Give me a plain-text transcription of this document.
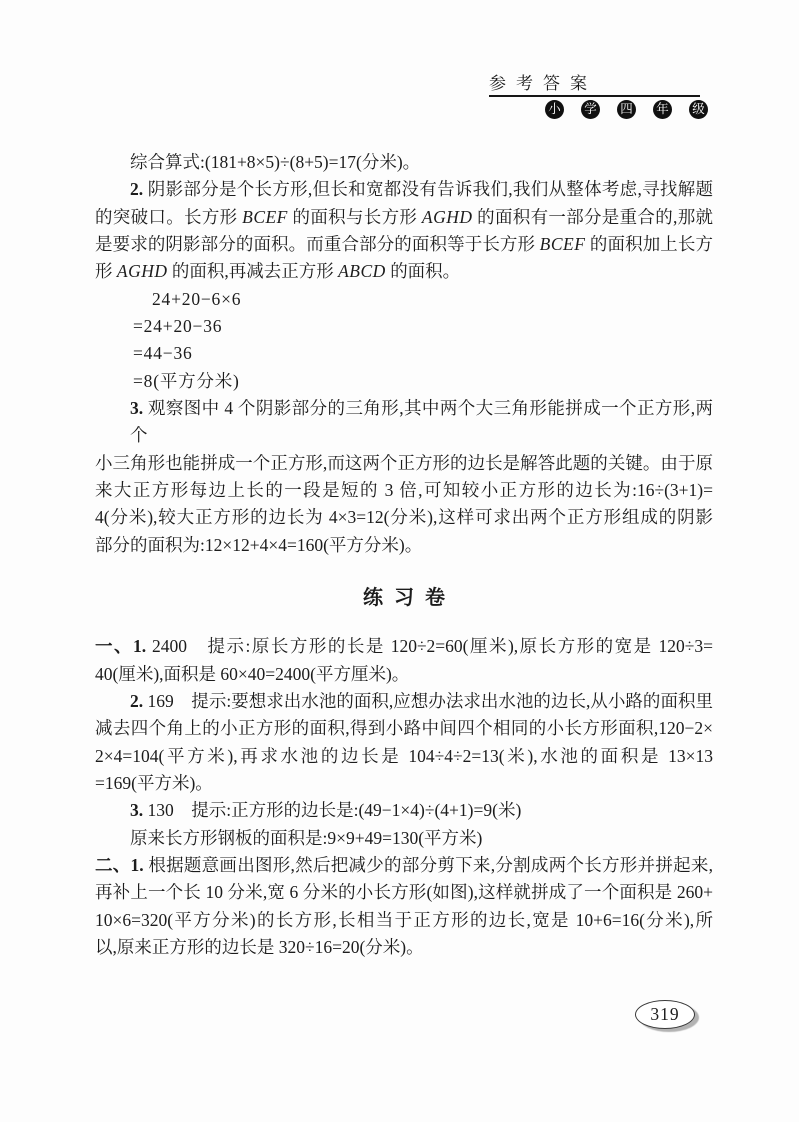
参考答案
小 学 四 年 级
综合算式:(181+8×5)÷(8+5)=17(分米)。
2. 阴影部分是个长方形,但长和宽都没有告诉我们,我们从整体考虑,寻找解题
的突破口。长方形 BCEF 的面积与长方形 AGHD 的面积有一部分是重合的,那就
是要求的阴影部分的面积。而重合部分的面积等于长方形 BCEF 的面积加上长方
形 AGHD 的面积,再减去正方形 ABCD 的面积。
24+20−6×6
=24+20−36
=44−36
=8(平方分米)
3. 观察图中 4 个阴影部分的三角形,其中两个大三角形能拼成一个正方形,两个
小三角形也能拼成一个正方形,而这两个正方形的边长是解答此题的关键。由于原
来大正方形每边上长的一段是短的 3 倍,可知较小正方形的边长为:16÷(3+1)=
4(分米),较大正方形的边长为 4×3=12(分米),这样可求出两个正方形组成的阴影
部分的面积为:12×12+4×4=160(平方分米)。
练习卷
一、1. 2400　提示:原长方形的长是 120÷2=60(厘米),原长方形的宽是 120÷3=
40(厘米),面积是 60×40=2400(平方厘米)。
2. 169　提示:要想求出水池的面积,应想办法求出水池的边长,从小路的面积里
减去四个角上的小正方形的面积,得到小路中间四个相同的小长方形面积,120−2×
2×4=104(平方米),再求水池的边长是 104÷4÷2=13(米),水池的面积是 13×13
=169(平方米)。
3. 130　提示:正方形的边长是:(49−1×4)÷(4+1)=9(米)
原来长方形钢板的面积是:9×9+49=130(平方米)
二、1. 根据题意画出图形,然后把减少的部分剪下来,分割成两个长方形并拼起来,
再补上一个长 10 分米,宽 6 分米的小长方形(如图),这样就拼成了一个面积是 260+
10×6=320(平方分米)的长方形,长相当于正方形的边长,宽是 10+6=16(分米),所
以,原来正方形的边长是 320÷16=20(分米)。
319
